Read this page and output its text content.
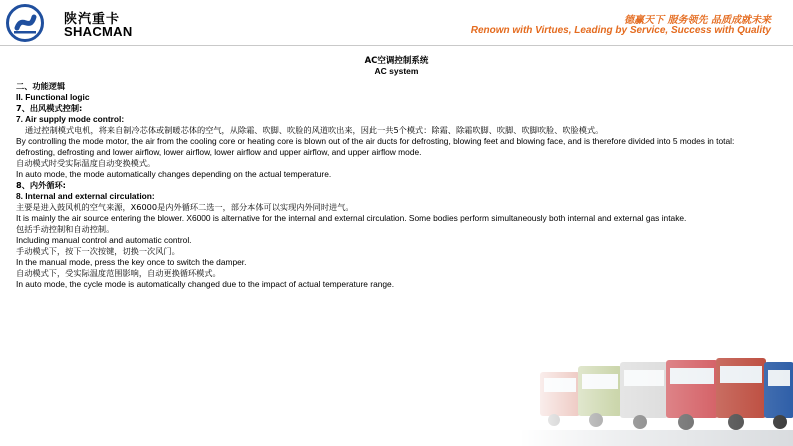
陕汽重卡
SHACMAN
德赢天下 服务领先 品质成就未来
Renown with Virtues, Leading by Service, Success with Quality
AC空调控制系统
AC system
二、功能逻辑
II. Functional logic
7、出风模式控制:
7. Air supply mode control:
通过控制模式电机，将来自制冷芯体或制暖芯体的空气，从除霜、吹脚、吹脸的风道吹出来，因此一共5个模式：除霜、除霜吹脚、吹脚、吹脚吹脸、吹脸模式。
By controlling the mode motor, the air from the cooling core or heating core is blown out of the air ducts for defrosting, blowing feet and blowing face, and is therefore divided into 5 modes in total: defrosting, defrosting and lower airflow, lower airflow, lower airflow and upper airflow, and upper airflow mode.
自动模式时受实际温度自动变换模式。
In auto mode, the mode automatically changes depending on the actual temperature.
8、内外循环:
8. Internal and external circulation:
主要是进入鼓风机的空气来源，X6000是内外循环二选一，部分本体可以实现内外同时进气。
It is mainly the air source entering the blower. X6000 is alternative for the internal and external circulation. Some bodies perform simultaneously both internal and external gas intake.
包括手动控制和自动控制。
Including manual control and automatic control.
手动模式下，按下一次按键，切换一次风门。
In the manual mode, press the key once to switch the damper.
自动模式下，受实际温度范围影响，自动更换循环模式。
In auto mode, the cycle mode is automatically changed due to the impact of actual temperature range.
